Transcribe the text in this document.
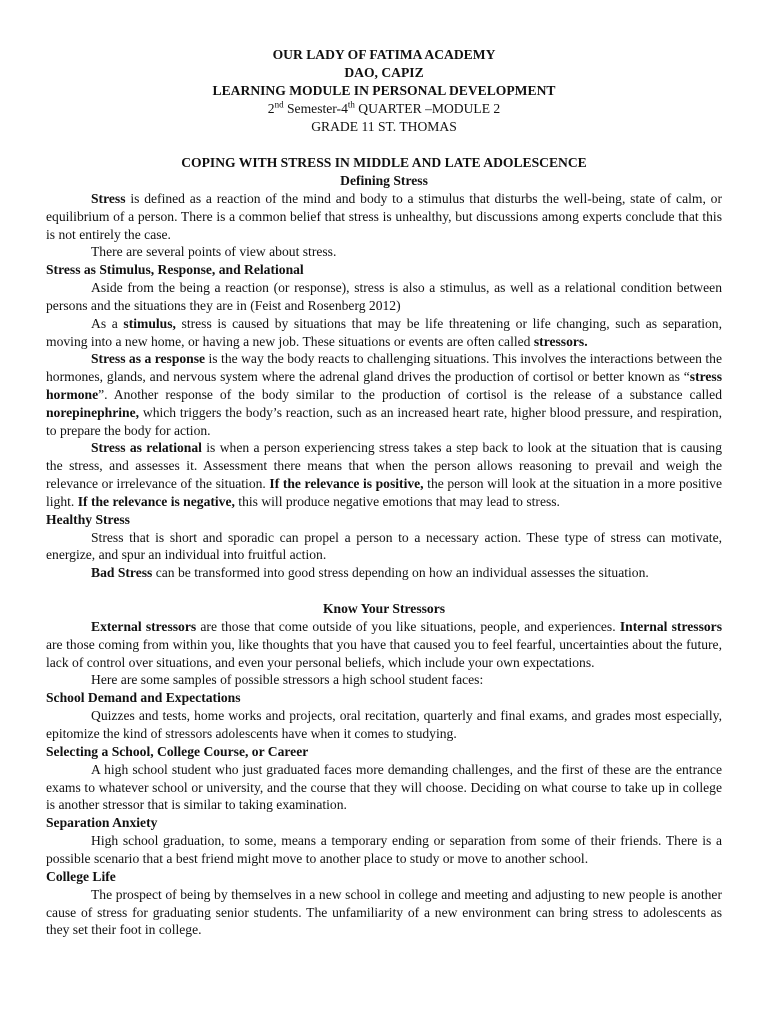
OUR LADY OF FATIMA ACADEMY
DAO, CAPIZ
LEARNING MODULE IN PERSONAL DEVELOPMENT
2nd Semester-4th QUARTER –MODULE 2
GRADE 11 ST. THOMAS
COPING WITH STRESS IN MIDDLE AND LATE ADOLESCENCE
Defining Stress

Stress is defined as a reaction of the mind and body to a stimulus that disturbs the well-being, state of calm, or equilibrium of a person. There is a common belief that stress is unhealthy, but discussions among experts conclude that this is not entirely the case.

There are several points of view about stress.

Stress as Stimulus, Response, and Relational

Aside from the being a reaction (or response), stress is also a stimulus, as well as a relational condition between persons and the situations they are in (Feist and Rosenberg 2012)

As a stimulus, stress is caused by situations that may be life threatening or life changing, such as separation, moving into a new home, or having a new job. These situations or events are often called stressors.

Stress as a response is the way the body reacts to challenging situations. This involves the interactions between the hormones, glands, and nervous system where the adrenal gland drives the production of cortisol or better known as “stress hormone”. Another response of the body similar to the production of cortisol is the release of a substance called norepinephrine, which triggers the body’s reaction, such as an increased heart rate, higher blood pressure, and respiration, to prepare the body for action.

Stress as relational is when a person experiencing stress takes a step back to look at the situation that is causing the stress, and assesses it. Assessment there means that when the person allows reasoning to prevail and weigh the relevance or irrelevance of the situation. If the relevance is positive, the person will look at the situation in a more positive light. If the relevance is negative, this will produce negative emotions that may lead to stress.

Healthy Stress

Stress that is short and sporadic can propel a person to a necessary action. These type of stress can motivate, energize, and spur an individual into fruitful action.

Bad Stress can be transformed into good stress depending on how an individual assesses the situation.

Know Your Stressors

External stressors are those that come outside of you like situations, people, and experiences. Internal stressors are those coming from within you, like thoughts that you have that caused you to feel fearful, uncertainties about the future, lack of control over situations, and even your personal beliefs, which include your own expectations.

Here are some samples of possible stressors a high school student faces:

School Demand and Expectations

Quizzes and tests, home works and projects, oral recitation, quarterly and final exams, and grades most especially, epitomize the kind of stressors adolescents have when it comes to studying.

Selecting a School, College Course, or Career

A high school student who just graduated faces more demanding challenges, and the first of these are the entrance exams to whatever school or university, and the course that they will choose. Deciding on what course to take up in college is another stressor that is similar to taking examination.

Separation Anxiety

High school graduation, to some, means a temporary ending or separation from some of their friends. There is a possible scenario that a best friend might move to another place to study or move to another school.

College Life

The prospect of being by themselves in a new school in college and meeting and adjusting to new people is another cause of stress for graduating senior students. The unfamiliarity of a new environment can bring stress to adolescents as they set their foot in college.
